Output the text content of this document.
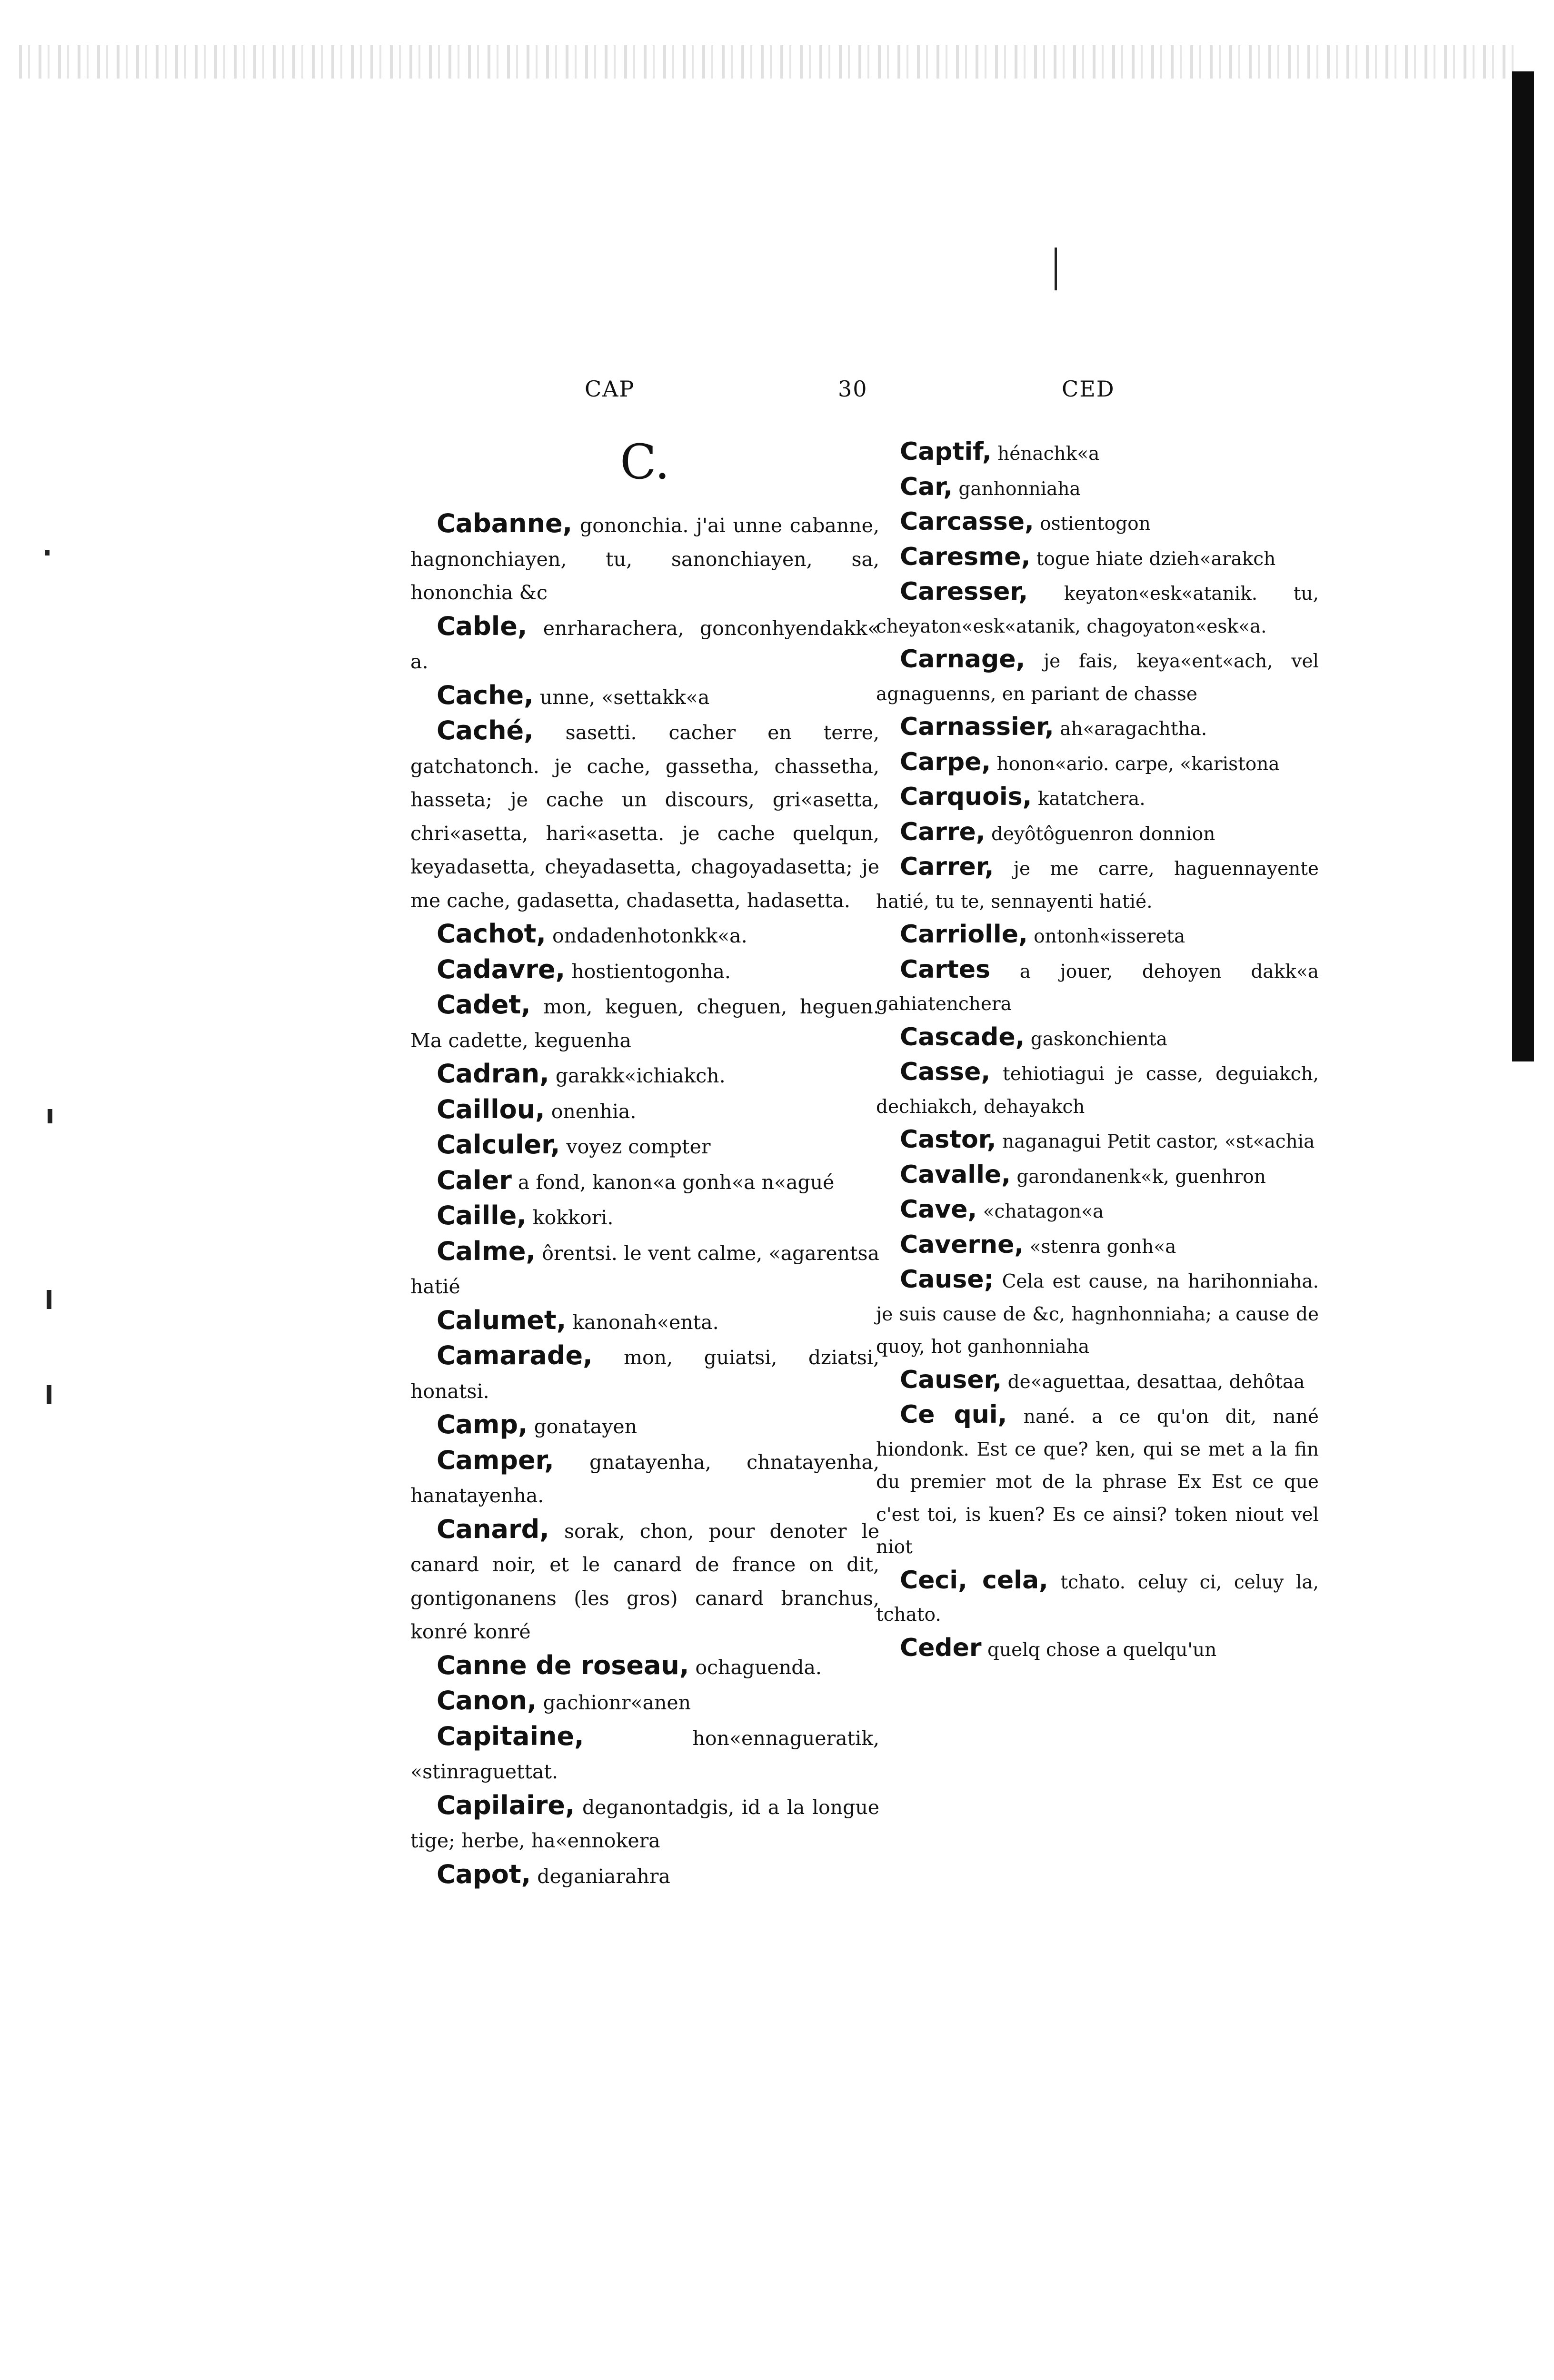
CAP	30	CED
C.

Cabanne, gononchia. j'ai unne cabanne, hagnonchiayen, tu, sanonchiayen, sa, hononchia &c

Cable, enrharachera, gonconhyendakk« a.

Cache, unne, «settakk«a

Caché, sasetti. cacher en terre, gatchatonch. je cache, gassetha, chassetha, hasseta; je cache un discours, gri«asetta, chri«asetta, hari«asetta. je cache quelqun, keyadasetta, cheyadasetta, chagoyadasetta; je me cache, gadasetta, chadasetta, hadasetta.

Cachot, ondadenhotonkk«a.

Cadavre, hostientogonha.

Cadet, mon, keguen, cheguen, heguen. Ma cadette, keguenha

Cadran, garakk«ichiakch.

Caillou, onenhia.

Calculer, voyez compter

Caler a fond, kanon«a gonh«a n«agué

Caille, kokkori.

Calme, ôrentsi. le vent calme, «agarentsa hatié

Calumet, kanonah«enta.

Camarade, mon, guiatsi, dziatsi, honatsi.

Camp, gonatayen

Camper, gnatayenha, chnatayenha, hanatayenha.

Canard, sorak, chon, pour denoter le canard noir, et le canard de france on dit, gontigonanens (les gros) canard branchus, konré konré

Canne de roseau, ochaguenda.

Canon, gachionr«anen

Capitaine,	hon«ennagueratik, «stinraguettat.

Capilaire, deganontadgis, id a la longue tige; herbe, ha«ennokera

Capot, deganiarahra

Captif, hénachk«a

Car, ganhonniaha

Carcasse, ostientogon

Caresme, togue hiate dzieh«arakch

Caresser, keyaton«esk«atanik. tu, cheyaton«esk«atanik, chagoyaton«esk«a.

Carnage, je fais, keya«ent«ach, vel agnaguenns, en pariant de chasse

Carnassier, ah«aragachtha.

Carpe, honon«ario. carpe, «karistona

Carquois, katatchera.

Carre, deyôtôguenron donnion

Carrer, je me carre, haguennayente hatié, tu te, sennayenti hatié.

Carriolle, ontonh«issereta

Cartes a jouer, dehoyen dakk«a gahiatenchera

Cascade, gaskonchienta

Casse, tehiotiagui je casse, deguiakch, dechiakch, dehayakch

Castor, naganagui Petit castor, «st«achia

Cavalle, garondanenk«k, guenhron

Cave, «chatagon«a

Caverne, «stenra gonh«a

Cause; Cela est cause, na harihonniaha. je suis cause de &c, hagnhonniaha; a cause de quoy, hot ganhonniaha

Causer, de«aguettaa, desattaa, dehôtaa

Ce qui, nané. a ce qu'on dit, nané hiondonk. Est ce que? ken, qui se met a la fin du premier mot de la phrase Ex Est ce que c'est toi, is kuen? Es ce ainsi? token niout vel niot

Ceci, cela, tchato. celuy ci, celuy la, tchato.

Ceder quelq chose a quelqu'un
